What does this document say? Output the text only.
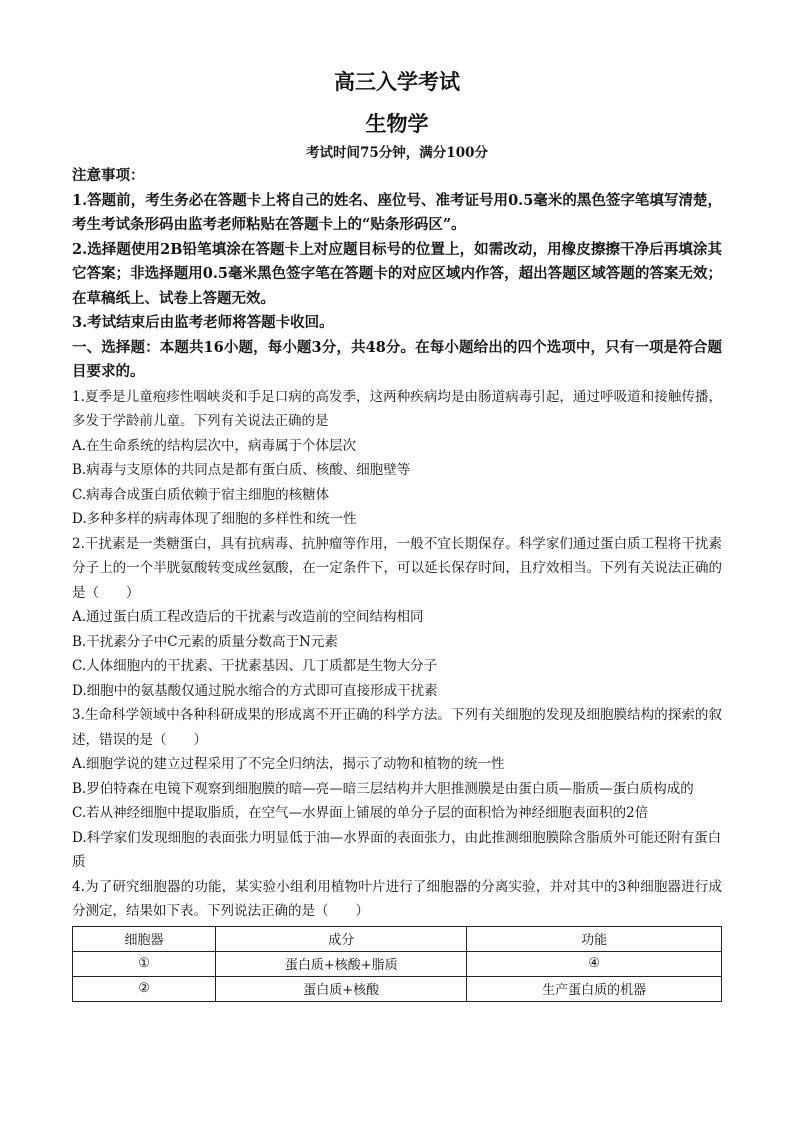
高三入学考试
生物学
考试时间75分钟，满分100分

注意事项：

1.答题前，考生务必在答题卡上将自己的姓名、座位号、准考证号用0.5毫米的黑色签字笔填写清楚，考生考试条形码由监考老师粘贴在答题卡上的“贴条形码区”。

2.选择题使用2B铅笔填涂在答题卡上对应题目标号的位置上，如需改动，用橡皮擦擦干净后再填涂其它答案；非选择题用0.5毫米黑色签字笔在答题卡的对应区域内作答，超出答题区域答题的答案无效；在草稿纸上、试卷上答题无效。

3.考试结束后由监考老师将答题卡收回。

一、选择题：本题共16小题，每小题3分，共48分。在每小题给出的四个选项中，只有一项是符合题目要求的。

1.夏季是儿童疱疹性咽峡炎和手足口病的高发季，这两种疾病均是由肠道病毒引起，通过呼吸道和接触传播，多发于学龄前儿童。下列有关说法正确的是

A.在生命系统的结构层次中，病毒属于个体层次

B.病毒与支原体的共同点是都有蛋白质、核酸、细胞壁等

C.病毒合成蛋白质依赖于宿主细胞的核糖体

D.多种多样的病毒体现了细胞的多样性和统一性

2.干扰素是一类糖蛋白，具有抗病毒、抗肿瘤等作用，一般不宜长期保存。科学家们通过蛋白质工程将干扰素分子上的一个半胱氨酸转变成丝氨酸，在一定条件下，可以延长保存时间，且疗效相当。下列有关说法正确的是（　　）

A.通过蛋白质工程改造后的干扰素与改造前的空间结构相同

B.干扰素分子中C元素的质量分数高于N元素

C.人体细胞内的干扰素、干扰素基因、几丁质都是生物大分子

D.细胞中的氨基酸仅通过脱水缩合的方式即可直接形成干扰素

3.生命科学领域中各种科研成果的形成离不开正确的科学方法。下列有关细胞的发现及细胞膜结构的探索的叙述，错误的是（　　）

A.细胞学说的建立过程采用了不完全归纳法，揭示了动物和植物的统一性

B.罗伯特森在电镜下观察到细胞膜的暗—亮—暗三层结构并大胆推测膜是由蛋白质—脂质—蛋白质构成的

C.若从神经细胞中提取脂质，在空气—水界面上铺展的单分子层的面积恰为神经细胞表面积的2倍

D.科学家们发现细胞的表面张力明显低于油—水界面的表面张力，由此推测细胞膜除含脂质外可能还附有蛋白质

4.为了研究细胞器的功能，某实验小组利用植物叶片进行了细胞器的分离实验，并对其中的3种细胞器进行成分测定，结果如下表。下列说法正确的是（　　）

细胞器	成分	功能
①	蛋白质+核酸+脂质	④
②	蛋白质+核酸	生产蛋白质的机器
